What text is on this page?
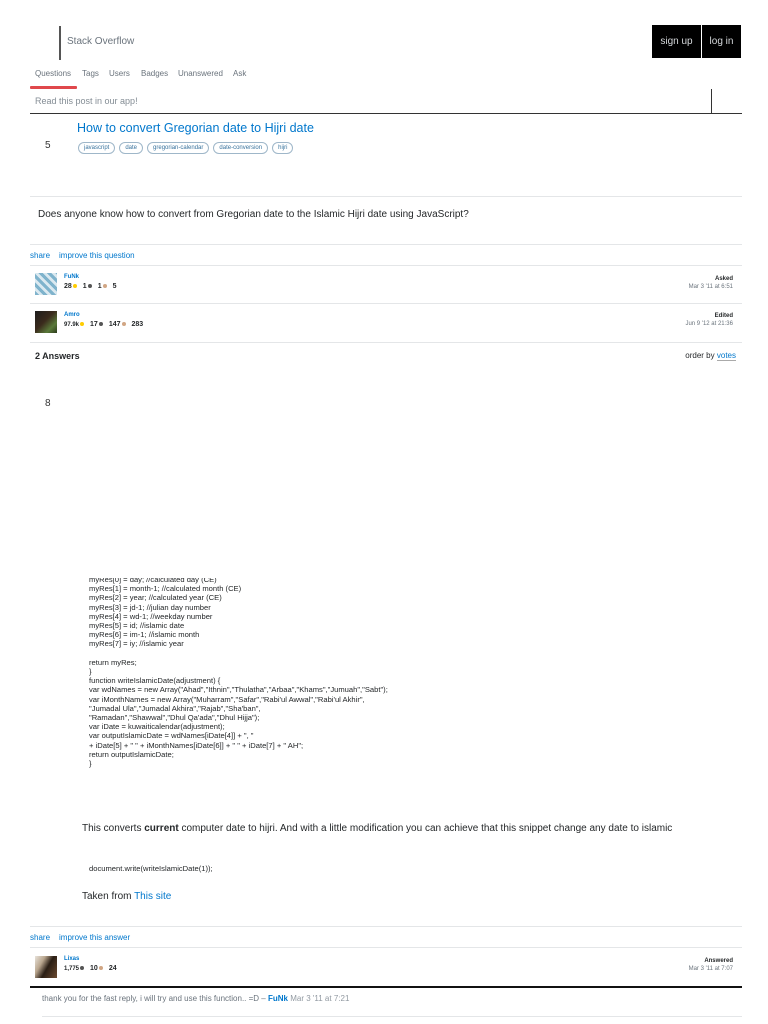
Stack Overflow	sign up	log in
Questions Tags Users Badges Unanswered Ask
Read this post in our app!
5
How to convert Gregorian date to Hijri date
javascript	date	gregorian-calendar	date-conversion	hijri
Does anyone know how to convert from Gregorian date to the Islamic Hijri date using JavaScript?
share improve this question
FuNk
28	1	1	5
Asked
Mar 3 '11 at 6:51
Amro
97.9k	17	147	283
Edited
Jun 9 '12 at 21:36
2 Answers	order by votes
8
myRes[0] = day; //calculated day (CE)
myRes[1] = month-1; //calculated month (CE)
myRes[2] = year; //calculated year (CE)
myRes[3] = jd-1; //julian day number
myRes[4] = wd-1; //weekday number
myRes[5] = id; //islamic date
myRes[6] = im-1; //islamic month
myRes[7] = iy; //islamic year

return myRes;
}
function writeIslamicDate(adjustment) {
var wdNames = new Array("Ahad","Ithnin","Thulatha","Arbaa","Khams","Jumuah","Sabt");
var iMonthNames = new Array("Muharram","Safar","Rabi'ul Awwal","Rabi'ul Akhir",
"Jumadal Ula","Jumadal Akhira","Rajab","Sha'ban",
"Ramadan","Shawwal","Dhul Qa'ada","Dhul Hijja");
var iDate = kuwaiticalendar(adjustment);
var outputIslamicDate = wdNames[iDate[4]] + ", "
+ iDate[5] + " " + iMonthNames[iDate[6]] + " " + iDate[7] + " AH";
return outputIslamicDate;
}
This converts current computer date to hijri. And with a little modification you can achieve that this snippet change any date to islamic
document.write(writeIslamicDate(1));
Taken from This site
share improve this answer
Lixas
1,775	10	24
Answered
Mar 3 '11 at 7:07
thank you for the fast reply, i will try and use this function.. =D – FuNk Mar 3 '11 at 7:21
